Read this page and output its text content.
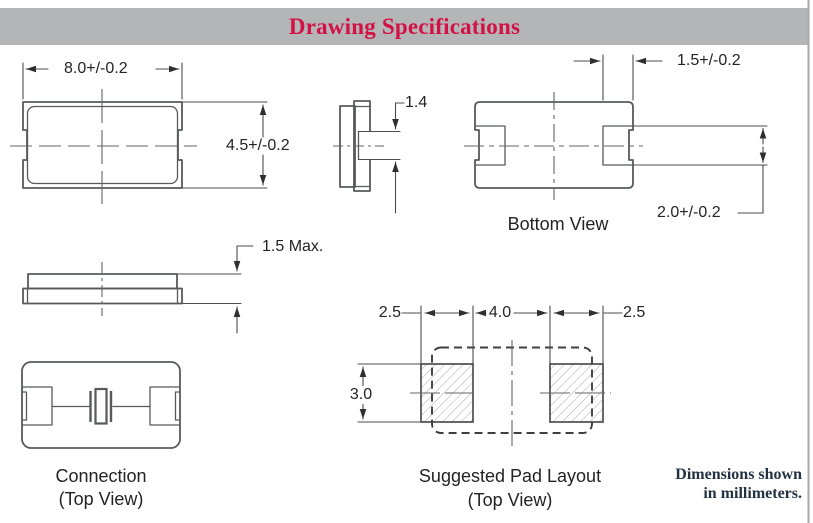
Drawing Specifications
8.0+/-0.2
4.5+/-0.2
1.4
1.5+/-0.2
2.0+/-0.2
1.5 Max.
2.5	4.0	2.5
3.0
Bottom View
Connection
(Top View)
Suggested Pad Layout
(Top View)
Dimensions shown
in millimeters.
